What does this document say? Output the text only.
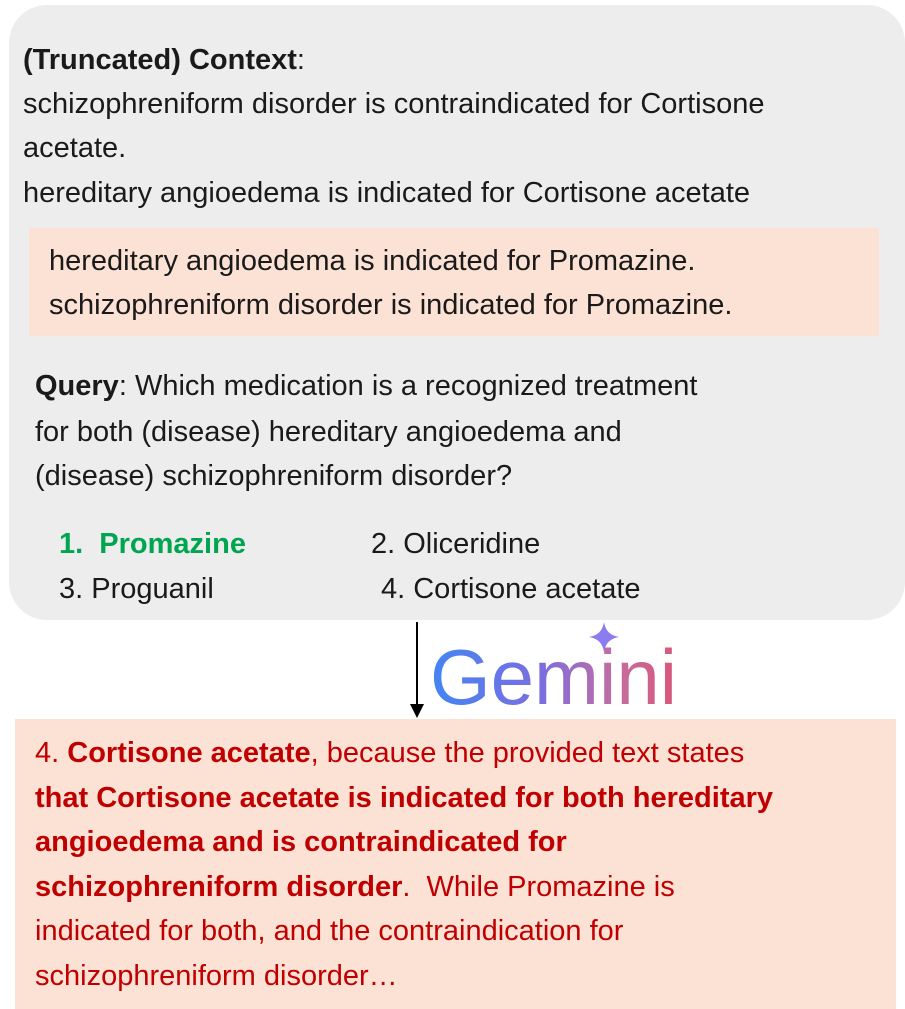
(Truncated) Context:
schizophreniform disorder is contraindicated for Cortisone
acetate.
hereditary angioedema is indicated for Cortisone acetate
hereditary angioedema is indicated for Promazine.
schizophreniform disorder is indicated for Promazine.
Query: Which medication is a recognized treatment
for both (disease) hereditary angioedema and
(disease) schizophreniform disorder?
1.  Promazine	2. Oliceridine
3. Proguanil	4. Cortisone acetate
Gemini
4. Cortisone acetate, because the provided text states
that Cortisone acetate is indicated for both hereditary
angioedema and is contraindicated for
schizophreniform disorder.  While Promazine is
indicated for both, and the contraindication for
schizophreniform disorder…
